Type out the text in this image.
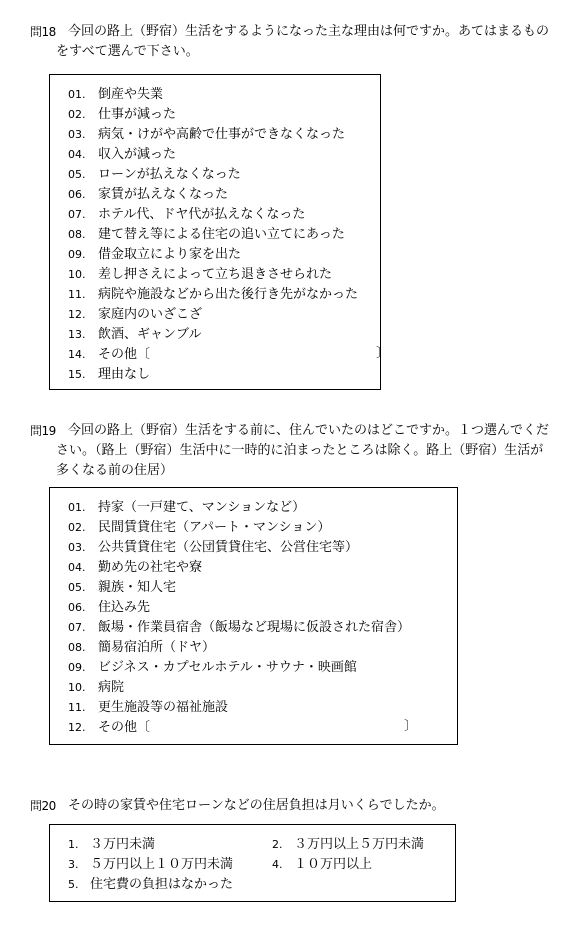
問18 今回の路上（野宿）生活をするようになった主な理由は何ですか。あてはまるものをすべて選んで下さい。
01. 倒産や失業
02. 仕事が減った
03. 病気・けがや高齢で仕事ができなくなった
04. 収入が減った
05. ローンが払えなくなった
06. 家賃が払えなくなった
07. ホテル代、ドヤ代が払えなくなった
08. 建て替え等による住宅の追い立てにあった
09. 借金取立により家を出た
10. 差し押さえによって立ち退きさせられた
11. 病院や施設などから出た後行き先がなかった
12. 家庭内のいざこざ
13. 飲酒、ギャンブル
14. その他〔	〕
15. 理由なし
問19 今回の路上（野宿）生活をする前に、住んでいたのはどこですか。１つ選んでください。（路上（野宿）生活中に一時的に泊まったところは除く。路上（野宿）生活が多くなる前の住居）
01. 持家（一戸建て、マンションなど）
02. 民間賃貸住宅（アパート・マンション）
03. 公共賃貸住宅（公団賃貸住宅、公営住宅等）
04. 勤め先の社宅や寮
05. 親族・知人宅
06. 住込み先
07. 飯場・作業員宿舎（飯場など現場に仮設された宿舎）
08. 簡易宿泊所（ドヤ）
09. ビジネス・カプセルホテル・サウナ・映画館
10. 病院
11. 更生施設等の福祉施設
12. その他〔	〕
問20 その時の家賃や住宅ローンなどの住居負担は月いくらでしたか。
1. ３万円未満	2. ３万円以上５万円未満
3. ５万円以上１０万円未満	4. １０万円以上
5. 住宅費の負担はなかった
